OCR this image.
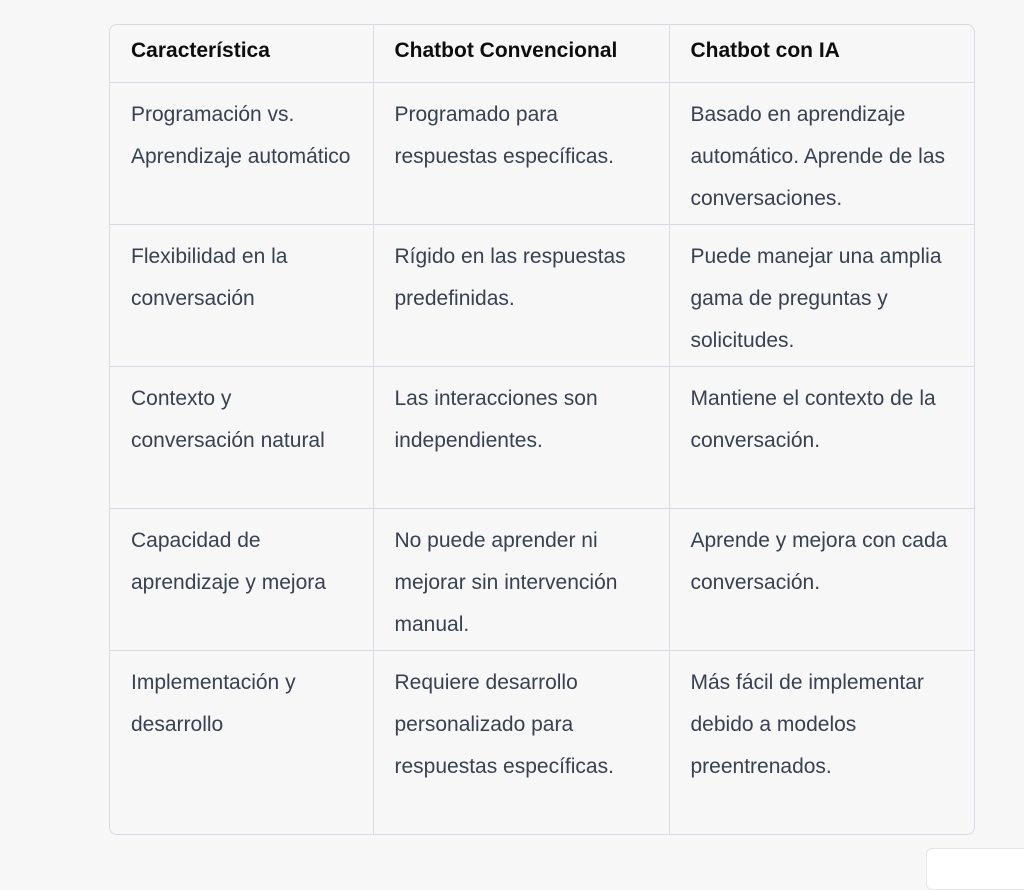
Característica	Chatbot Convencional	Chatbot con IA
Programación vs. Aprendizaje automático	Programado para respuestas específicas.	Basado en aprendizaje automático. Aprende de las conversaciones.
Flexibilidad en la conversación	Rígido en las respuestas predefinidas.	Puede manejar una amplia gama de preguntas y solicitudes.
Contexto y conversación natural	Las interacciones son independientes.	Mantiene el contexto de la conversación.
Capacidad de aprendizaje y mejora	No puede aprender ni mejorar sin intervención manual.	Aprende y mejora con cada conversación.
Implementación y desarrollo	Requiere desarrollo personalizado para respuestas específicas.	Más fácil de implementar debido a modelos preentrenados.
